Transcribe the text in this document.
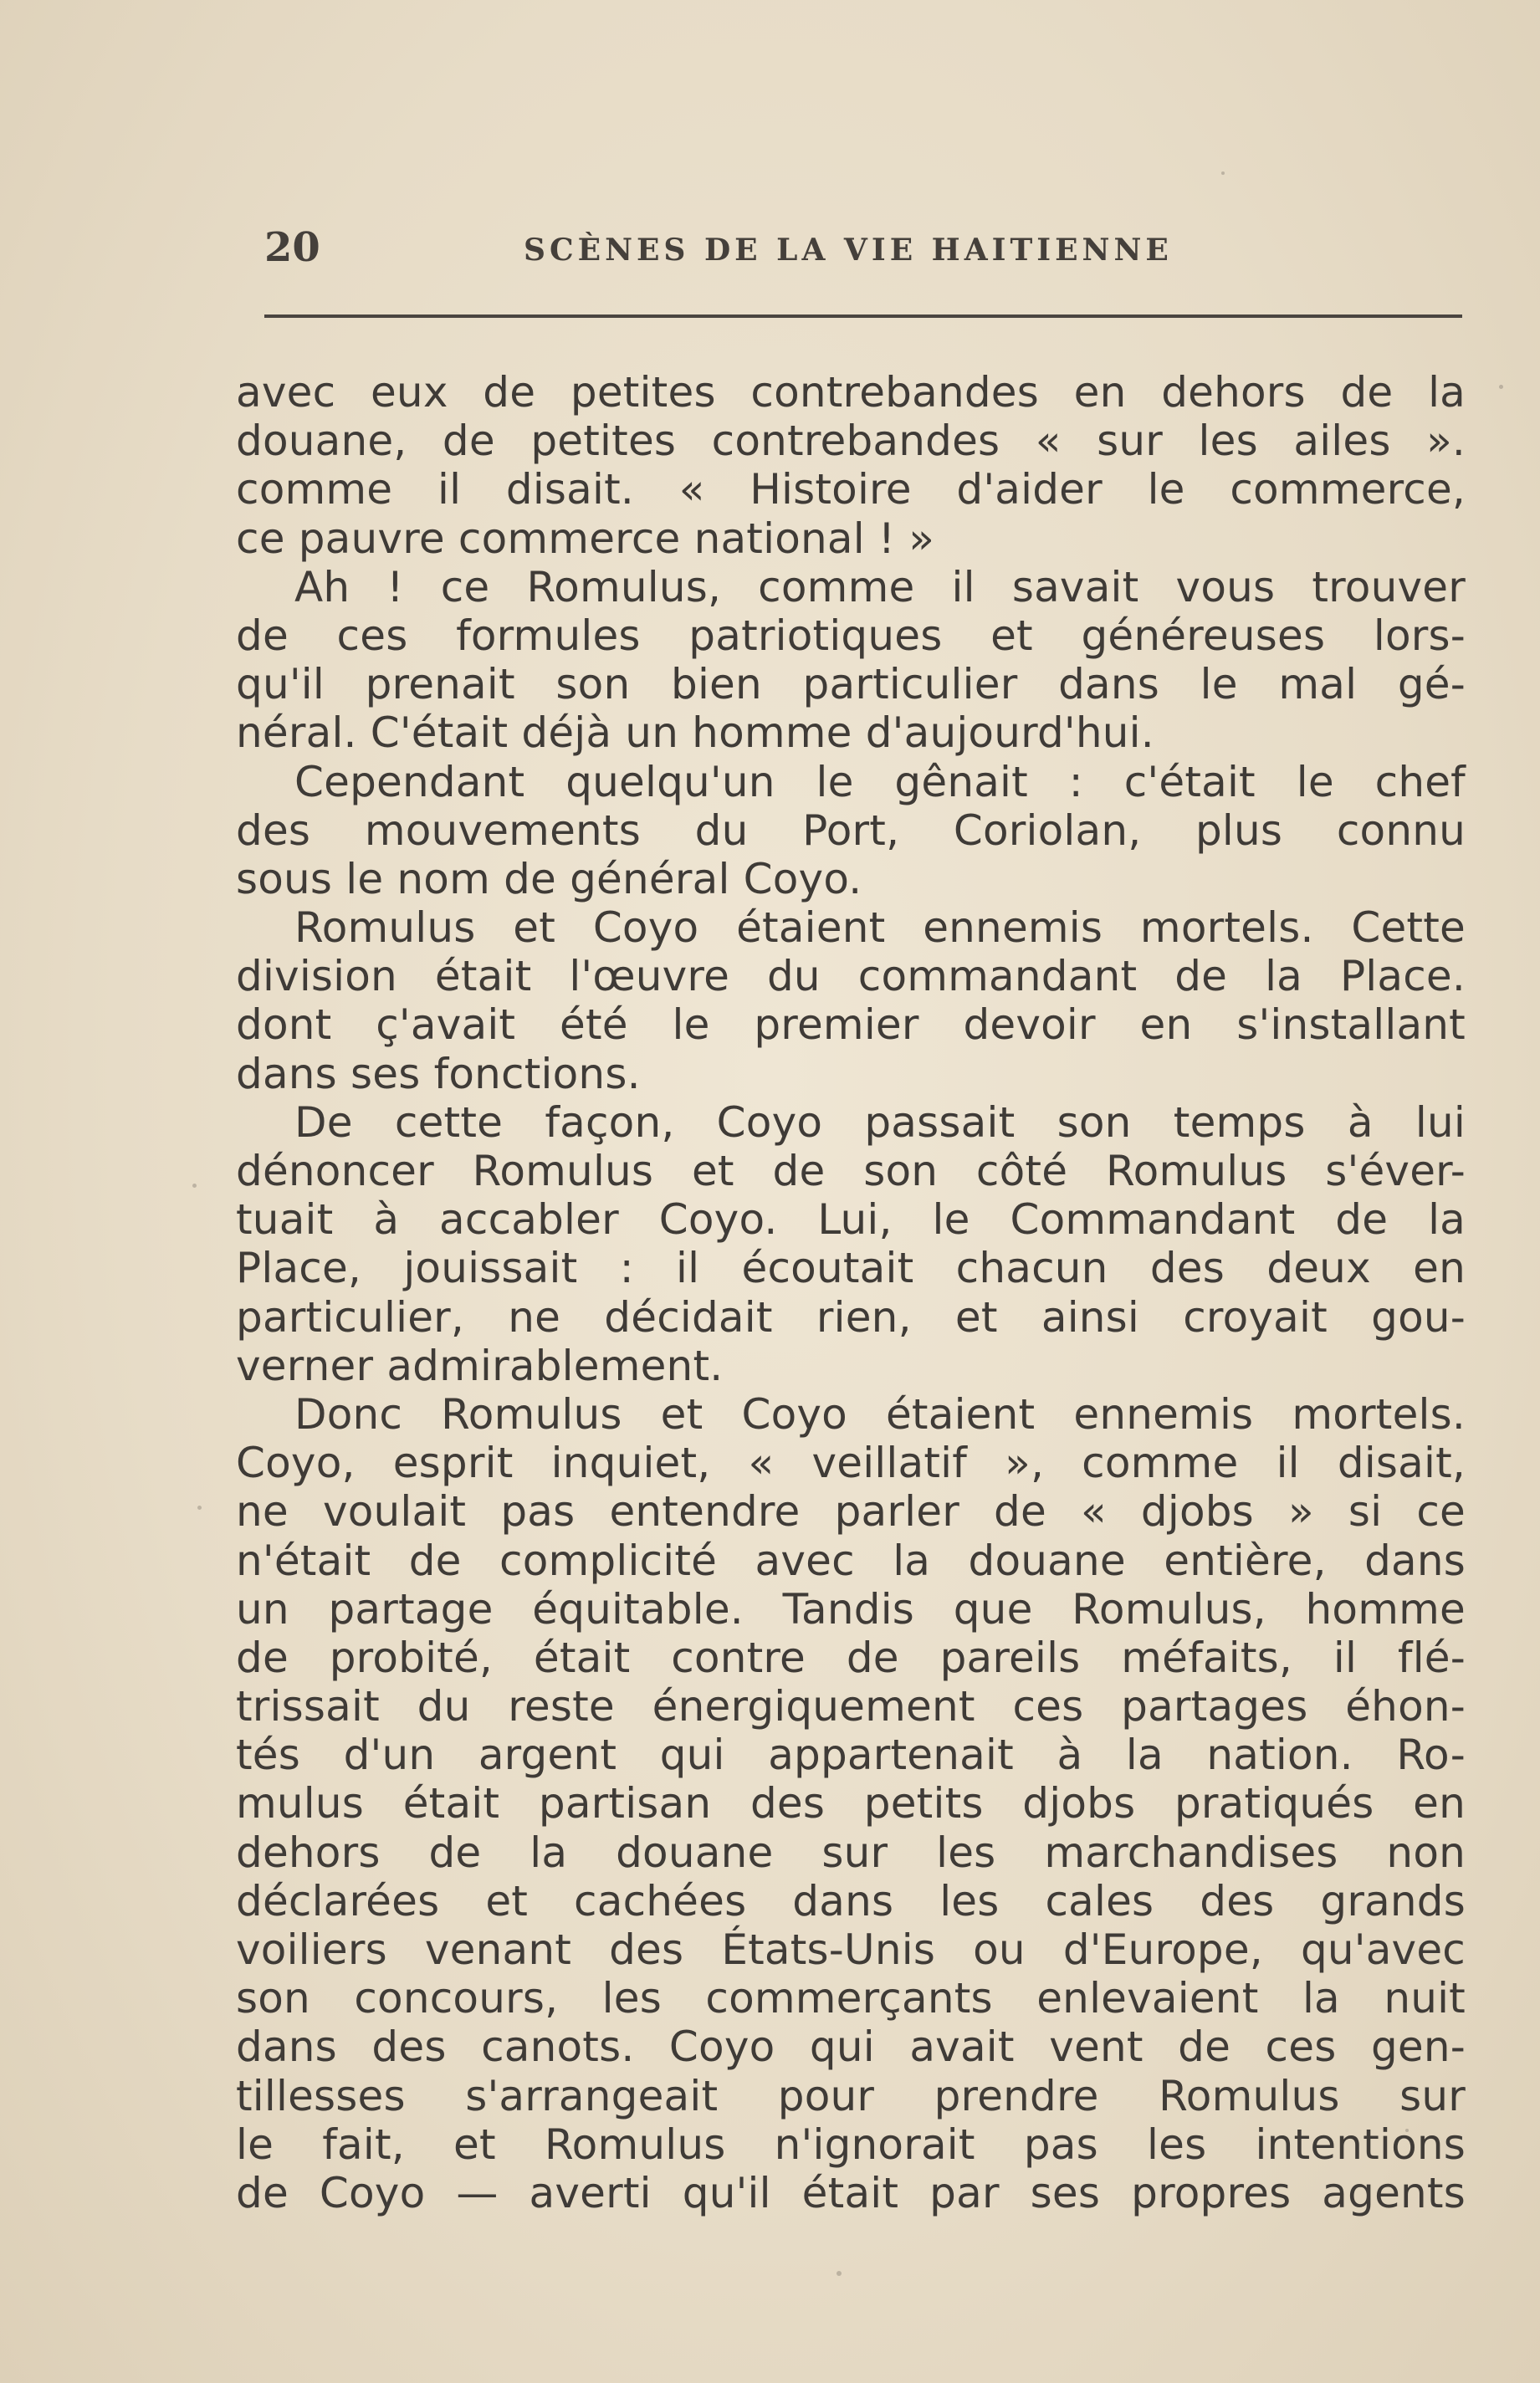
20	SCÈNES DE LA VIE HAITIENNE
avec eux de petites contrebandes en dehors de la
douane, de petites contrebandes « sur les ailes ».
comme il disait. « Histoire d'aider le commerce,
ce pauvre commerce national ! »
Ah ! ce Romulus, comme il savait vous trouver
de ces formules patriotiques et généreuses lors-
qu'il prenait son bien particulier dans le mal gé-
néral. C'était déjà un homme d'aujourd'hui.
Cependant quelqu'un le gênait : c'était le chef
des mouvements du Port, Coriolan, plus connu
sous le nom de général Coyo.
Romulus et Coyo étaient ennemis mortels. Cette
division était l'œuvre du commandant de la Place.
dont ç'avait été le premier devoir en s'installant
dans ses fonctions.
De cette façon, Coyo passait son temps à lui
dénoncer Romulus et de son côté Romulus s'éver-
tuait à accabler Coyo. Lui, le Commandant de la
Place, jouissait : il écoutait chacun des deux en
particulier, ne décidait rien, et ainsi croyait gou-
verner admirablement.
Donc Romulus et Coyo étaient ennemis mortels.
Coyo, esprit inquiet, « veillatif », comme il disait,
ne voulait pas entendre parler de « djobs » si ce
n'était de complicité avec la douane entière, dans
un partage équitable. Tandis que Romulus, homme
de probité, était contre de pareils méfaits, il flé-
trissait du reste énergiquement ces partages éhon-
tés d'un argent qui appartenait à la nation. Ro-
mulus était partisan des petits djobs pratiqués en
dehors de la douane sur les marchandises non
déclarées et cachées dans les cales des grands
voiliers venant des États-Unis ou d'Europe, qu'avec
son concours, les commerçants enlevaient la nuit
dans des canots. Coyo qui avait vent de ces gen-
tillesses s'arrangeait pour prendre Romulus sur
le fait, et Romulus n'ignorait pas les intentions
de Coyo — averti qu'il était par ses propres agents
